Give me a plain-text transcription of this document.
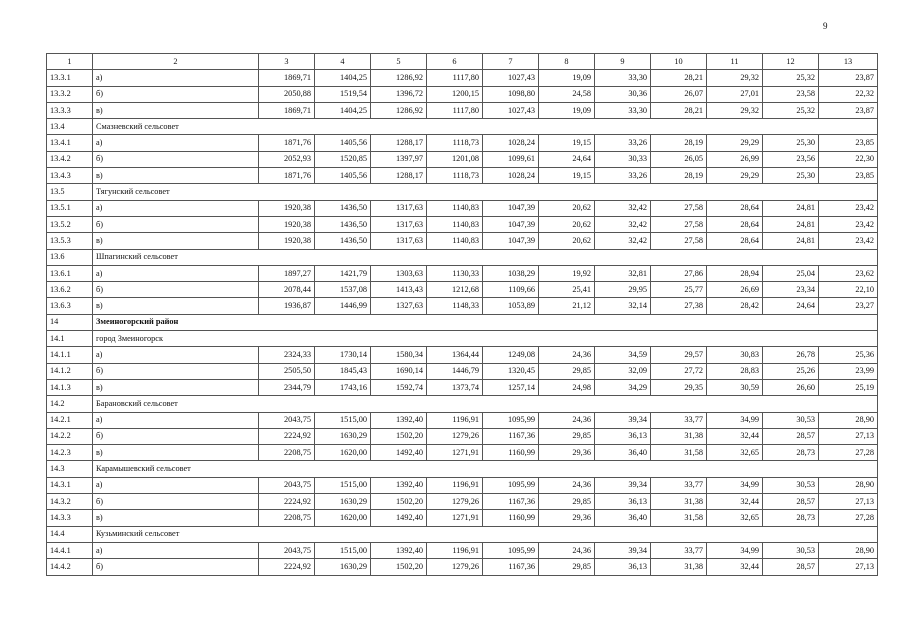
9
1	2	3	4	5	6	7	8	9	10	11	12	13
13.3.1	а)	1869,71	1404,25	1286,92	1117,80	1027,43	19,09	33,30	28,21	29,32	25,32	23,87
13.3.2	б)	2050,88	1519,54	1396,72	1200,15	1098,80	24,58	30,36	26,07	27,01	23,58	22,32
13.3.3	в)	1869,71	1404,25	1286,92	1117,80	1027,43	19,09	33,30	28,21	29,32	25,32	23,87
13.4	Смазневский сельсовет											
13.4.1	а)	1871,76	1405,56	1288,17	1118,73	1028,24	19,15	33,26	28,19	29,29	25,30	23,85
13.4.2	б)	2052,93	1520,85	1397,97	1201,08	1099,61	24,64	30,33	26,05	26,99	23,56	22,30
13.4.3	в)	1871,76	1405,56	1288,17	1118,73	1028,24	19,15	33,26	28,19	29,29	25,30	23,85
13.5	Тягунский сельсовет											
13.5.1	а)	1920,38	1436,50	1317,63	1140,83	1047,39	20,62	32,42	27,58	28,64	24,81	23,42
13.5.2	б)	1920,38	1436,50	1317,63	1140,83	1047,39	20,62	32,42	27,58	28,64	24,81	23,42
13.5.3	в)	1920,38	1436,50	1317,63	1140,83	1047,39	20,62	32,42	27,58	28,64	24,81	23,42
13.6	Шпагинский сельсовет											
13.6.1	а)	1897,27	1421,79	1303,63	1130,33	1038,29	19,92	32,81	27,86	28,94	25,04	23,62
13.6.2	б)	2078,44	1537,08	1413,43	1212,68	1109,66	25,41	29,95	25,77	26,69	23,34	22,10
13.6.3	в)	1936,87	1446,99	1327,63	1148,33	1053,89	21,12	32,14	27,38	28,42	24,64	23,27
14	Змеиногорский район											
14.1	город Змеиногорск											
14.1.1	а)	2324,33	1730,14	1580,34	1364,44	1249,08	24,36	34,59	29,57	30,83	26,78	25,36
14.1.2	б)	2505,50	1845,43	1690,14	1446,79	1320,45	29,85	32,09	27,72	28,83	25,26	23,99
14.1.3	в)	2344,79	1743,16	1592,74	1373,74	1257,14	24,98	34,29	29,35	30,59	26,60	25,19
14.2	Барановский сельсовет											
14.2.1	а)	2043,75	1515,00	1392,40	1196,91	1095,99	24,36	39,34	33,77	34,99	30,53	28,90
14.2.2	б)	2224,92	1630,29	1502,20	1279,26	1167,36	29,85	36,13	31,38	32,44	28,57	27,13
14.2.3	в)	2208,75	1620,00	1492,40	1271,91	1160,99	29,36	36,40	31,58	32,65	28,73	27,28
14.3	Карамышевский сельсовет											
14.3.1	а)	2043,75	1515,00	1392,40	1196,91	1095,99	24,36	39,34	33,77	34,99	30,53	28,90
14.3.2	б)	2224,92	1630,29	1502,20	1279,26	1167,36	29,85	36,13	31,38	32,44	28,57	27,13
14.3.3	в)	2208,75	1620,00	1492,40	1271,91	1160,99	29,36	36,40	31,58	32,65	28,73	27,28
14.4	Кузьминский сельсовет											
14.4.1	а)	2043,75	1515,00	1392,40	1196,91	1095,99	24,36	39,34	33,77	34,99	30,53	28,90
14.4.2	б)	2224,92	1630,29	1502,20	1279,26	1167,36	29,85	36,13	31,38	32,44	28,57	27,13
